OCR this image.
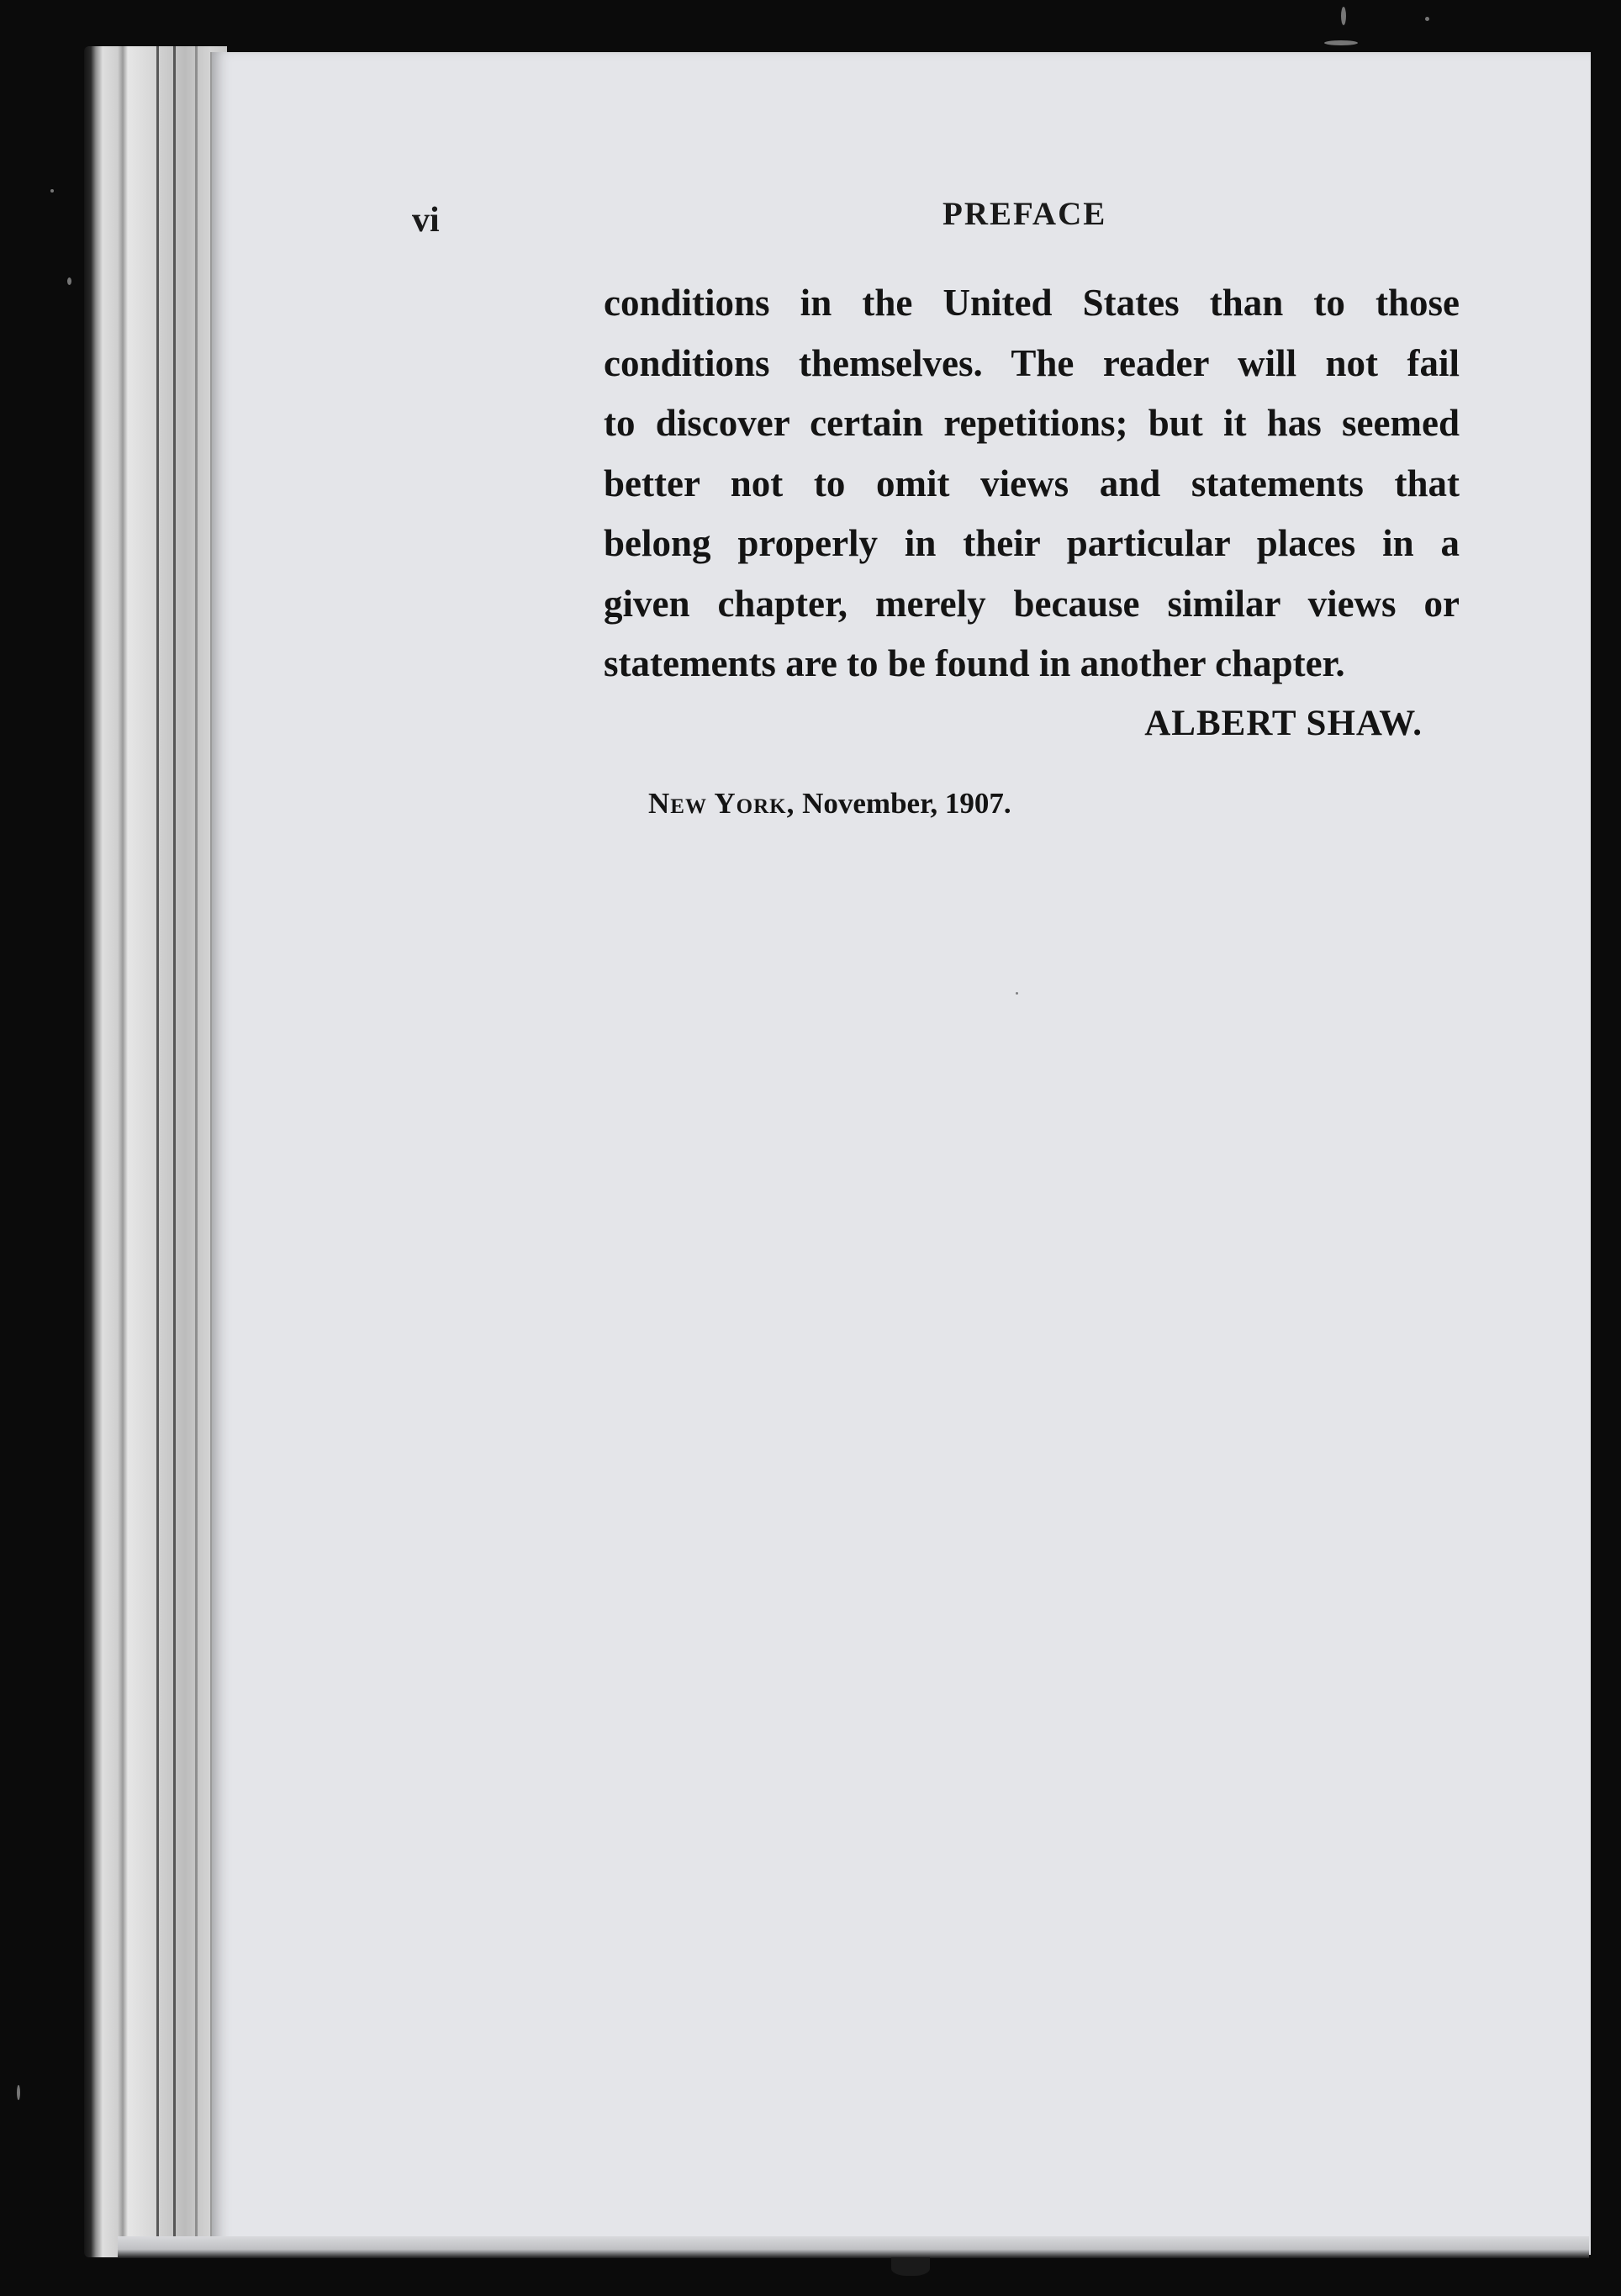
vi	PREFACE
conditions in the United States than to those
conditions themselves. The reader will not fail
to discover certain repetitions; but it has seemed
better not to omit views and statements that
belong properly in their particular places in a
given chapter, merely because similar views or
statements are to be found in another chapter.
ALBERT SHAW.
New York, November, 1907.
